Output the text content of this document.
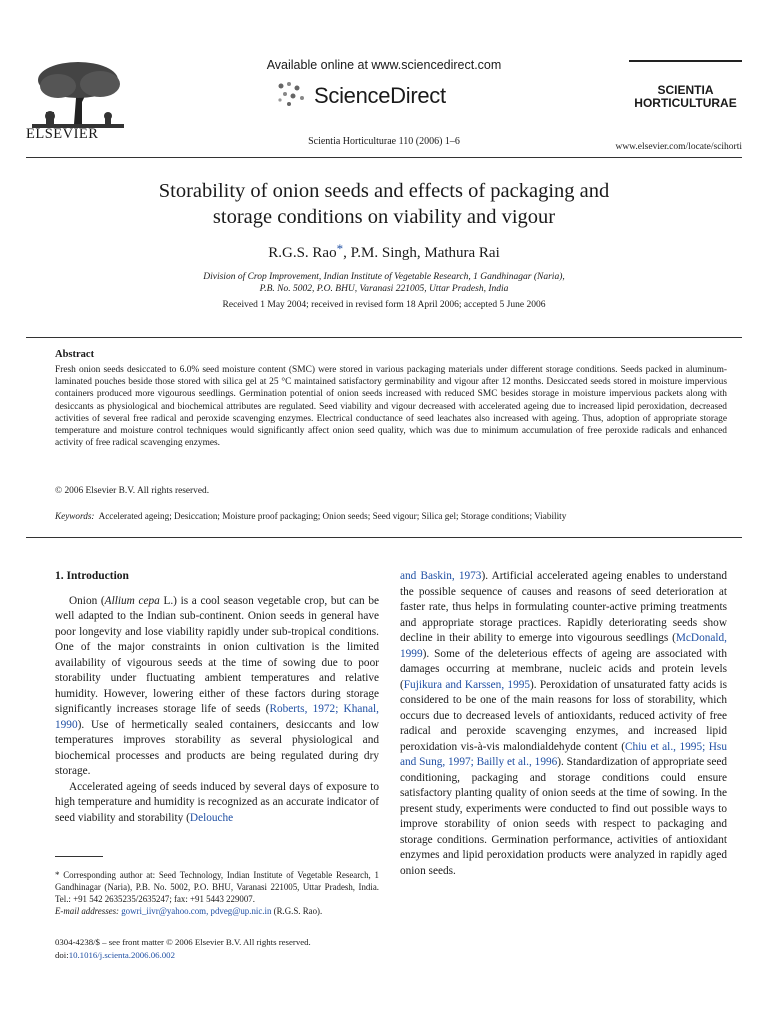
ELSEVIER
Available online at www.sciencedirect.com
ScienceDirect
Scientia Horticulturae 110 (2006) 1–6
SCIENTIA
HORTICULTURAE
www.elsevier.com/locate/scihorti
Storability of onion seeds and effects of packaging and
storage conditions on viability and vigour
R.G.S. Rao*, P.M. Singh, Mathura Rai
Division of Crop Improvement, Indian Institute of Vegetable Research, 1 Gandhinagar (Naria),
P.B. No. 5002, P.O. BHU, Varanasi 221005, Uttar Pradesh, India
Received 1 May 2004; received in revised form 18 April 2006; accepted 5 June 2006
Abstract
Fresh onion seeds desiccated to 6.0% seed moisture content (SMC) were stored in various packaging materials under different storage conditions. Seeds packed in aluminum-laminated pouches beside those stored with silica gel at 25 °C maintained satisfactory germinability and vigour after 12 months. Desiccated seeds stored in moisture impervious containers produced more vigourous seedlings. Germination potential of onion seeds increased with reduced SMC besides storage in moisture impervious packets along with desiccants as physiological and biochemical attributes are regulated. Seed viability and vigour decreased with accelerated ageing due to increased lipid peroxidation, decreased activities of several free radical and peroxide scavenging enzymes. Electrical conductance of seed leachates also increased with ageing. Thus, adoption of appropriate storage temperature and moisture control techniques would significantly affect onion seed quality, which was due to minimum accumulation of free peroxide radicals and enhanced activity of free radical scavenging enzymes.
© 2006 Elsevier B.V. All rights reserved.
Keywords: Accelerated ageing; Desiccation; Moisture proof packaging; Onion seeds; Seed vigour; Silica gel; Storage conditions; Viability
1. Introduction

Onion (Allium cepa L.) is a cool season vegetable crop, but can be well adapted to the Indian sub-continent. Onion seeds in general have poor longevity and lose viability rapidly under sub-tropical conditions. One of the major constraints in onion cultivation is the limited availability of vigourous seeds at the time of sowing due to poor storability under fluctuating ambient temperatures and relative humidity. However, lowering either of these factors during storage significantly increases storage life of seeds (Roberts, 1972; Khanal, 1990). Use of hermetically sealed containers, desiccants and low temperatures improves storability as several physiological and biochemical processes and products are being regulated during dry storage.

Accelerated ageing of seeds induced by several days of exposure to high temperature and humidity is recognized as an accurate indicator of seed viability and storability (Delouche

* Corresponding author at: Seed Technology, Indian Institute of Vegetable Research, 1 Gandhinagar (Naria), P.B. No. 5002, P.O. BHU, Varanasi 221005, Uttar Pradesh, India. Tel.: +91 542 2635235/2635247; fax: +91 5443 229007.
E-mail addresses: gowri_iivr@yahoo.com, pdveg@up.nic.in (R.G.S. Rao).
0304-4238/$ – see front matter © 2006 Elsevier B.V. All rights reserved.
doi:10.1016/j.scienta.2006.06.002

and Baskin, 1973). Artificial accelerated ageing enables to understand the possible sequence of causes and reasons of seed deterioration at faster rate, thus helps in formulating counter-active priming treatments and appropriate storage practices. Rapidly deteriorating seeds show decline in their ability to emerge into vigourous seedlings (McDonald, 1999). Some of the deleterious effects of ageing are associated with damages occurring at membrane, nucleic acids and protein levels (Fujikura and Karssen, 1995). Peroxidation of unsaturated fatty acids is considered to be one of the main reasons for loss of storability, which occurs due to decreased levels of antioxidants, reduced activity of free radical and peroxide scavenging enzymes, and increased lipid peroxidation vis-à-vis malondialdehyde content (Chiu et al., 1995; Hsu and Sung, 1997; Bailly et al., 1996). Standardization of appropriate seed conditioning, packaging and storage conditions could ensure satisfactory planting quality of onion seeds at the time of sowing. In the present study, experiments were conducted to find out possible ways to improve storability of onion seeds with respect to packaging and storage conditions. Germination performance, activities of antioxidant enzymes and lipid peroxidation products were analyzed in rapidly aged onion seeds.
